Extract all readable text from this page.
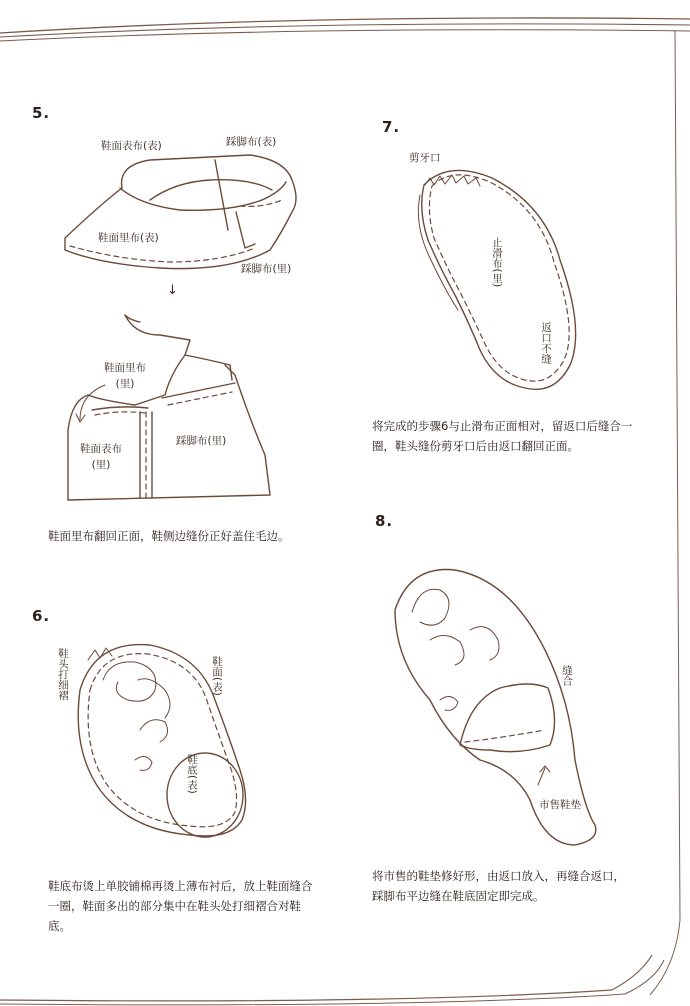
5.
鞋面表布(表)	踩脚布(表)
鞋面里布(表)
踩脚布(里)
↓
鞋面里布
(里)
鞋面表布
(里)
踩脚布(里)
鞋面里布翻回正面，鞋侧边缝份正好盖住毛边。
7.
剪牙口
止滑布(里)
返口不缝
将完成的步骤6与止滑布正面相对，留返口后缝合一圈，鞋头缝份剪牙口后由返口翻回正面。
6.
鞋头打细褶	鞋面(表)
鞋底(表)
鞋底布烫上单胶铺棉再烫上薄布衬后，放上鞋面缝合一圈，鞋面多出的部分集中在鞋头处打细褶合对鞋底。
8.
缝合
市售鞋垫
将市售的鞋垫修好形，由返口放入，再缝合返口，踩脚布平边缝在鞋底固定即完成。
